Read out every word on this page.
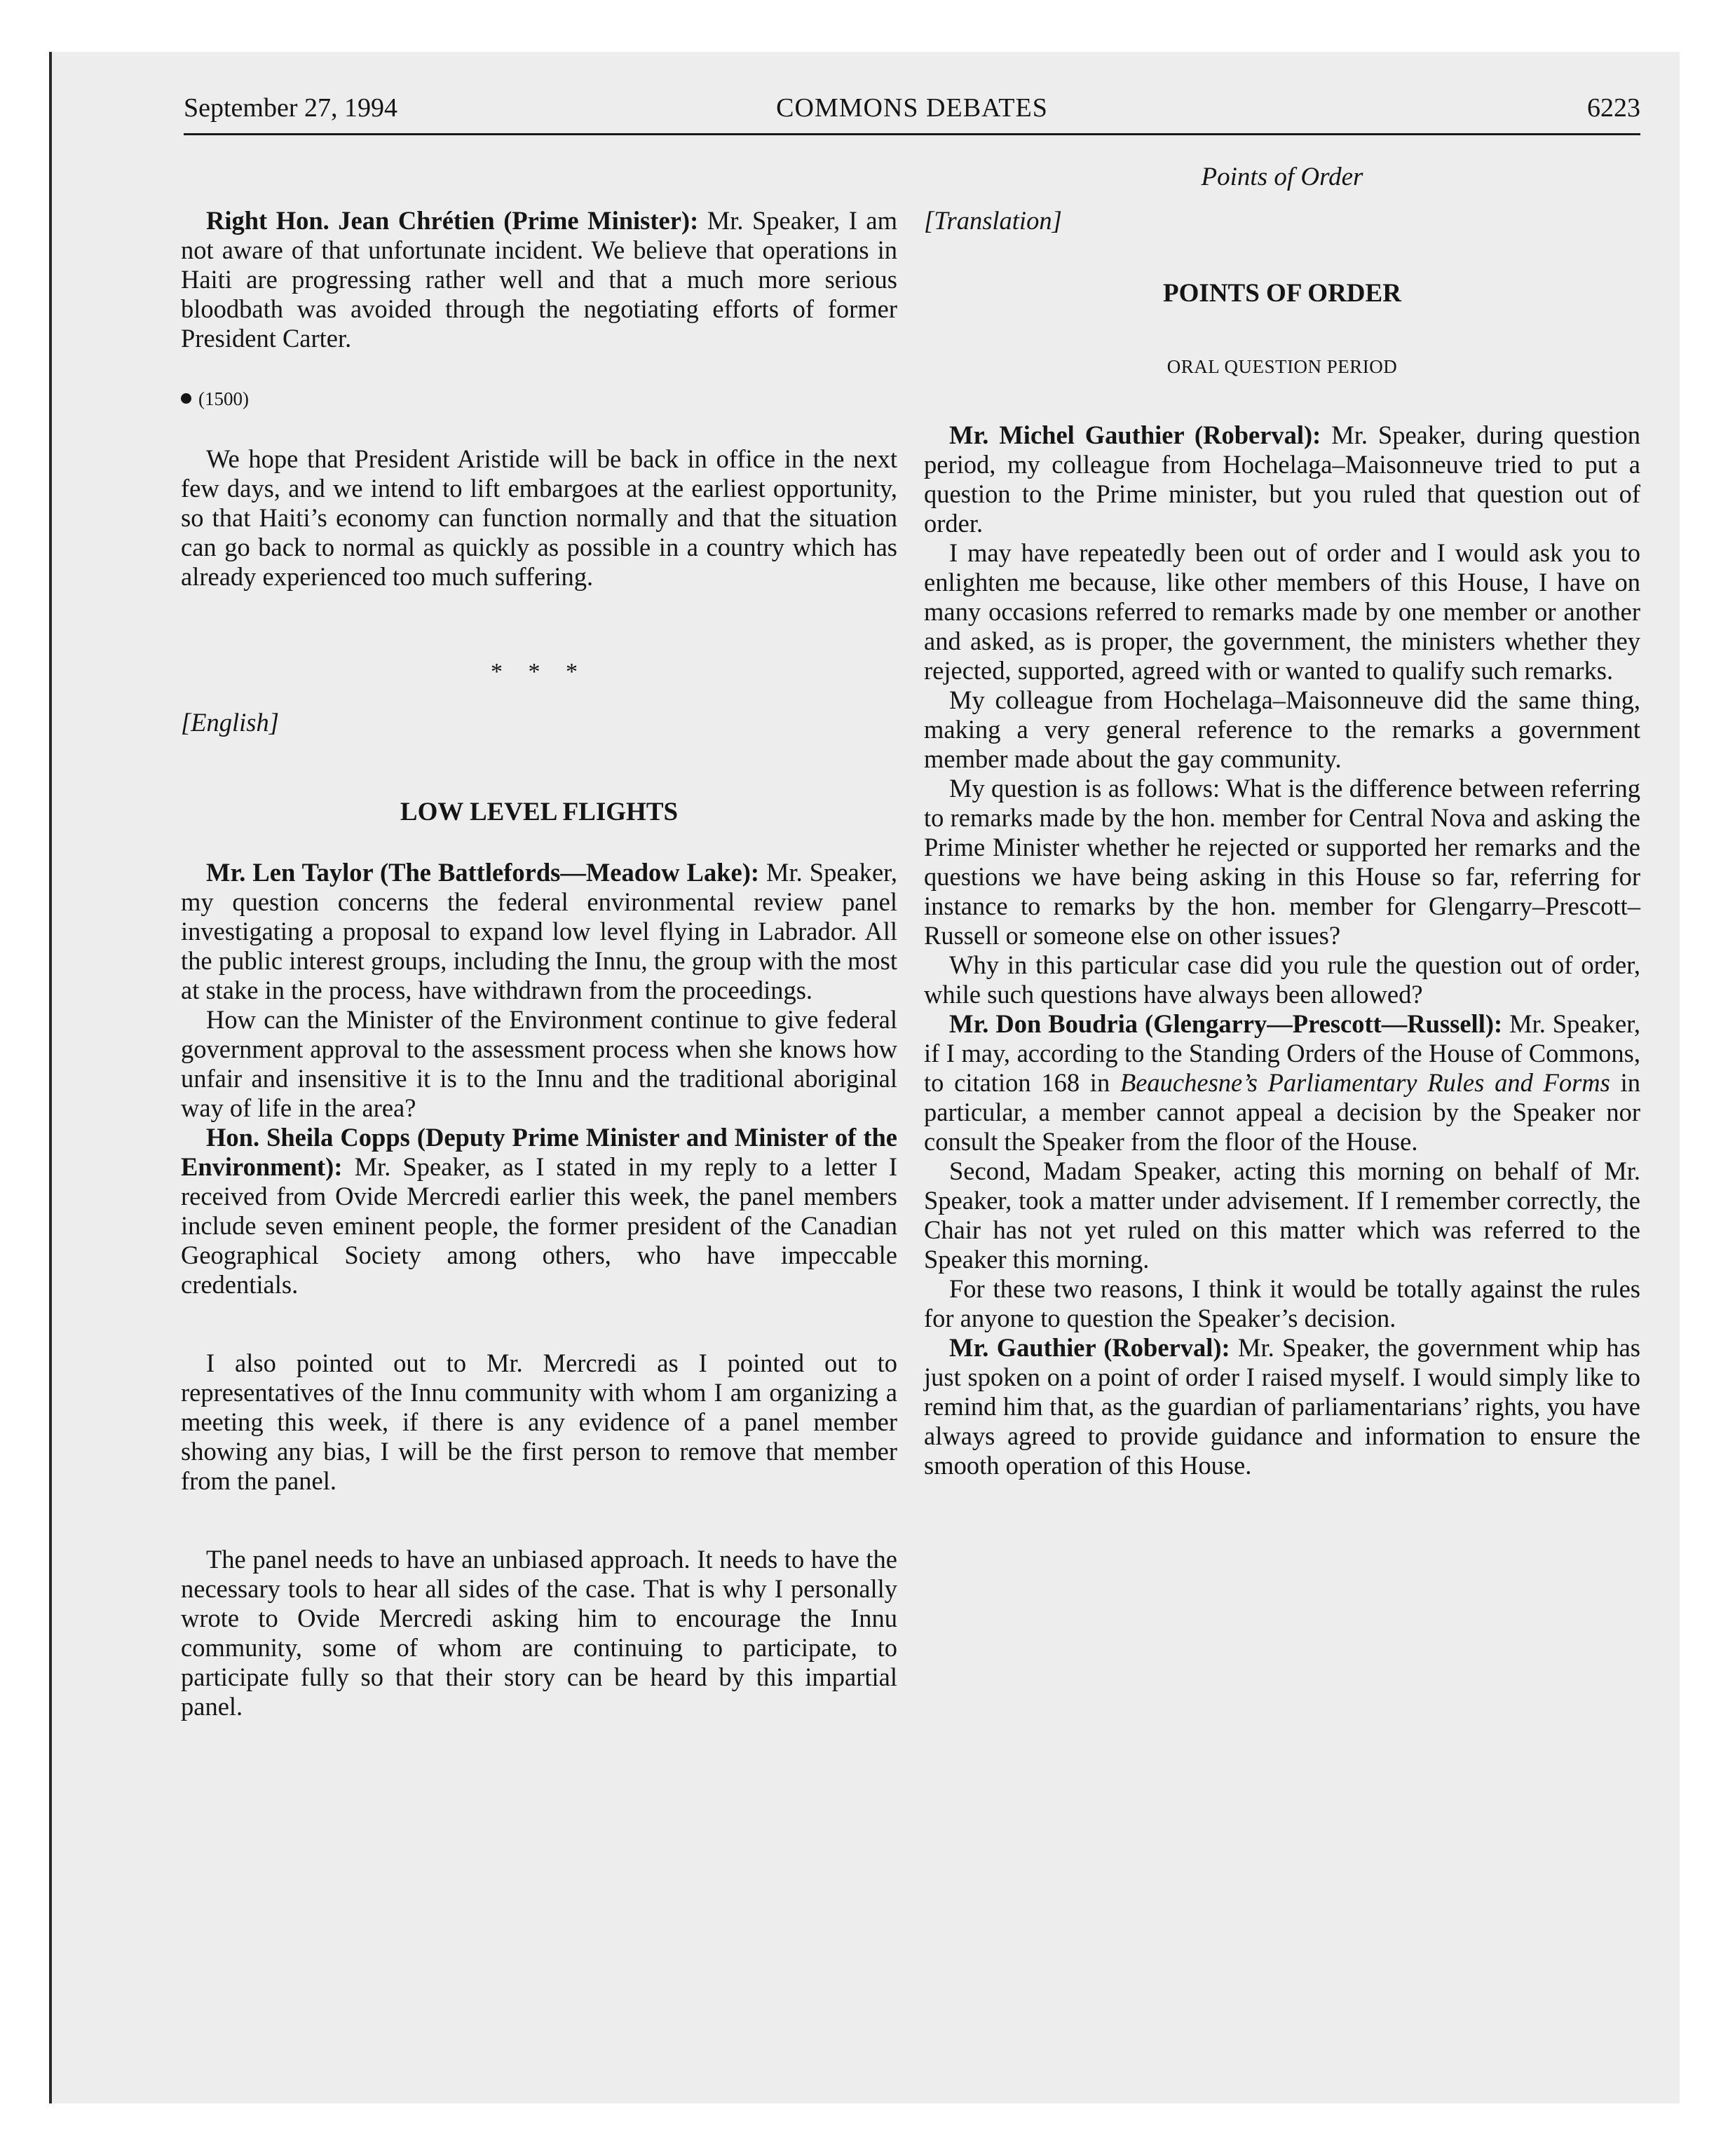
September 27, 1994	COMMONS DEBATES	6223

Right Hon. Jean Chrétien (Prime Minister): Mr. Speaker, I am not aware of that unfortunate incident. We believe that operations in Haiti are progressing rather well and that a much more serious bloodbath was avoided through the negotiating efforts of former President Carter.

(1500)

We hope that President Aristide will be back in office in the next few days, and we intend to lift embargoes at the earliest opportunity, so that Haiti’s economy can function normally and that the situation can go back to normal as quickly as possible in a country which has already experienced too much suffering.

* * *

[English]

LOW LEVEL FLIGHTS

Mr. Len Taylor (The Battlefords—Meadow Lake): Mr. Speaker, my question concerns the federal environmental review panel investigating a proposal to expand low level flying in Labrador. All the public interest groups, including the Innu, the group with the most at stake in the process, have withdrawn from the proceedings.

How can the Minister of the Environment continue to give federal government approval to the assessment process when she knows how unfair and insensitive it is to the Innu and the traditional aboriginal way of life in the area?

Hon. Sheila Copps (Deputy Prime Minister and Minister of the Environment): Mr. Speaker, as I stated in my reply to a letter I received from Ovide Mercredi earlier this week, the panel members include seven eminent people, the former president of the Canadian Geographical Society among others, who have impeccable credentials.

I also pointed out to Mr. Mercredi as I pointed out to representatives of the Innu community with whom I am organizing a meeting this week, if there is any evidence of a panel member showing any bias, I will be the first person to remove that member from the panel.

The panel needs to have an unbiased approach. It needs to have the necessary tools to hear all sides of the case. That is why I personally wrote to Ovide Mercredi asking him to encourage the Innu community, some of whom are continuing to participate, to participate fully so that their story can be heard by this impartial panel.

Points of Order

[Translation]

POINTS OF ORDER

ORAL QUESTION PERIOD

Mr. Michel Gauthier (Roberval): Mr. Speaker, during question period, my colleague from Hochelaga–Maisonneuve tried to put a question to the Prime minister, but you ruled that question out of order.

I may have repeatedly been out of order and I would ask you to enlighten me because, like other members of this House, I have on many occasions referred to remarks made by one member or another and asked, as is proper, the government, the ministers whether they rejected, supported, agreed with or wanted to qualify such remarks.

My colleague from Hochelaga–Maisonneuve did the same thing, making a very general reference to the remarks a government member made about the gay community.

My question is as follows: What is the difference between referring to remarks made by the hon. member for Central Nova and asking the Prime Minister whether he rejected or supported her remarks and the questions we have being asking in this House so far, referring for instance to remarks by the hon. member for Glengarry–Prescott–Russell or someone else on other issues?

Why in this particular case did you rule the question out of order, while such questions have always been allowed?

Mr. Don Boudria (Glengarry—Prescott—Russell): Mr. Speaker, if I may, according to the Standing Orders of the House of Commons, to citation 168 in Beauchesne’s Parliamentary Rules and Forms in particular, a member cannot appeal a decision by the Speaker nor consult the Speaker from the floor of the House.

Second, Madam Speaker, acting this morning on behalf of Mr. Speaker, took a matter under advisement. If I remember correctly, the Chair has not yet ruled on this matter which was referred to the Speaker this morning.

For these two reasons, I think it would be totally against the rules for anyone to question the Speaker’s decision.

Mr. Gauthier (Roberval): Mr. Speaker, the government whip has just spoken on a point of order I raised myself. I would simply like to remind him that, as the guardian of parliamentarians’ rights, you have always agreed to provide guidance and information to ensure the smooth operation of this House.
